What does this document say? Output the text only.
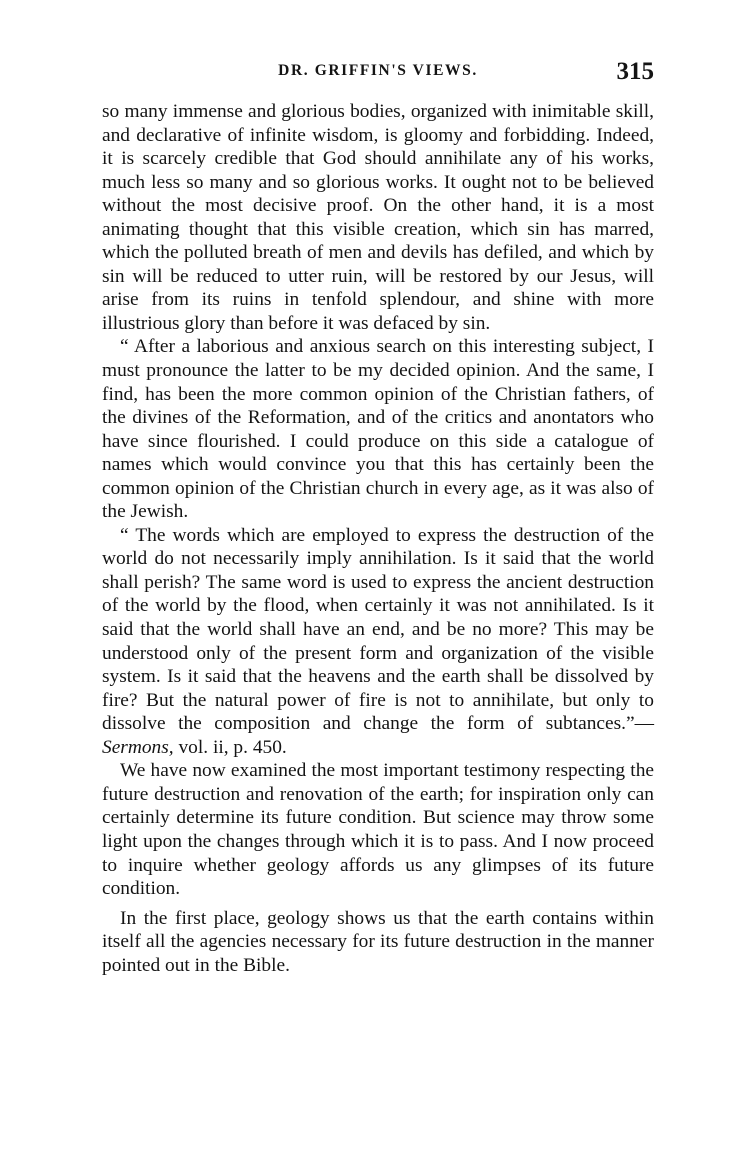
DR. GRIFFIN'S VIEWS.	315

so many immense and glorious bodies, organized with inimitable skill, and declarative of infinite wisdom, is gloomy and forbidding. Indeed, it is scarcely credible that God should annihilate any of his works, much less so many and so glorious works. It ought not to be believed without the most decisive proof. On the other hand, it is a most animating thought that this visible creation, which sin has marred, which the polluted breath of men and devils has defiled, and which by sin will be reduced to utter ruin, will be restored by our Jesus, will arise from its ruins in tenfold splendour, and shine with more illustrious glory than before it was defaced by sin.

“ After a laborious and anxious search on this interesting subject, I must pronounce the latter to be my decided opinion. And the same, I find, has been the more common opinion of the Christian fathers, of the divines of the Reformation, and of the critics and anontators who have since flourished. I could produce on this side a catalogue of names which would convince you that this has certainly been the common opinion of the Christian church in every age, as it was also of the Jewish.

“ The words which are employed to express the destruction of the world do not necessarily imply annihilation. Is it said that the world shall perish? The same word is used to express the ancient destruction of the world by the flood, when certainly it was not annihilated. Is it said that the world shall have an end, and be no more? This may be understood only of the present form and organization of the visible system. Is it said that the heavens and the earth shall be dissolved by fire? But the natural power of fire is not to annihilate, but only to dissolve the composition and change the form of subtances.”—Sermons, vol. ii, p. 450.

We have now examined the most important testimony respecting the future destruction and renovation of the earth; for inspiration only can certainly determine its future condition. But science may throw some light upon the changes through which it is to pass. And I now proceed to inquire whether geology affords us any glimpses of its future condition.

In the first place, geology shows us that the earth contains within itself all the agencies necessary for its future destruction in the manner pointed out in the Bible.
